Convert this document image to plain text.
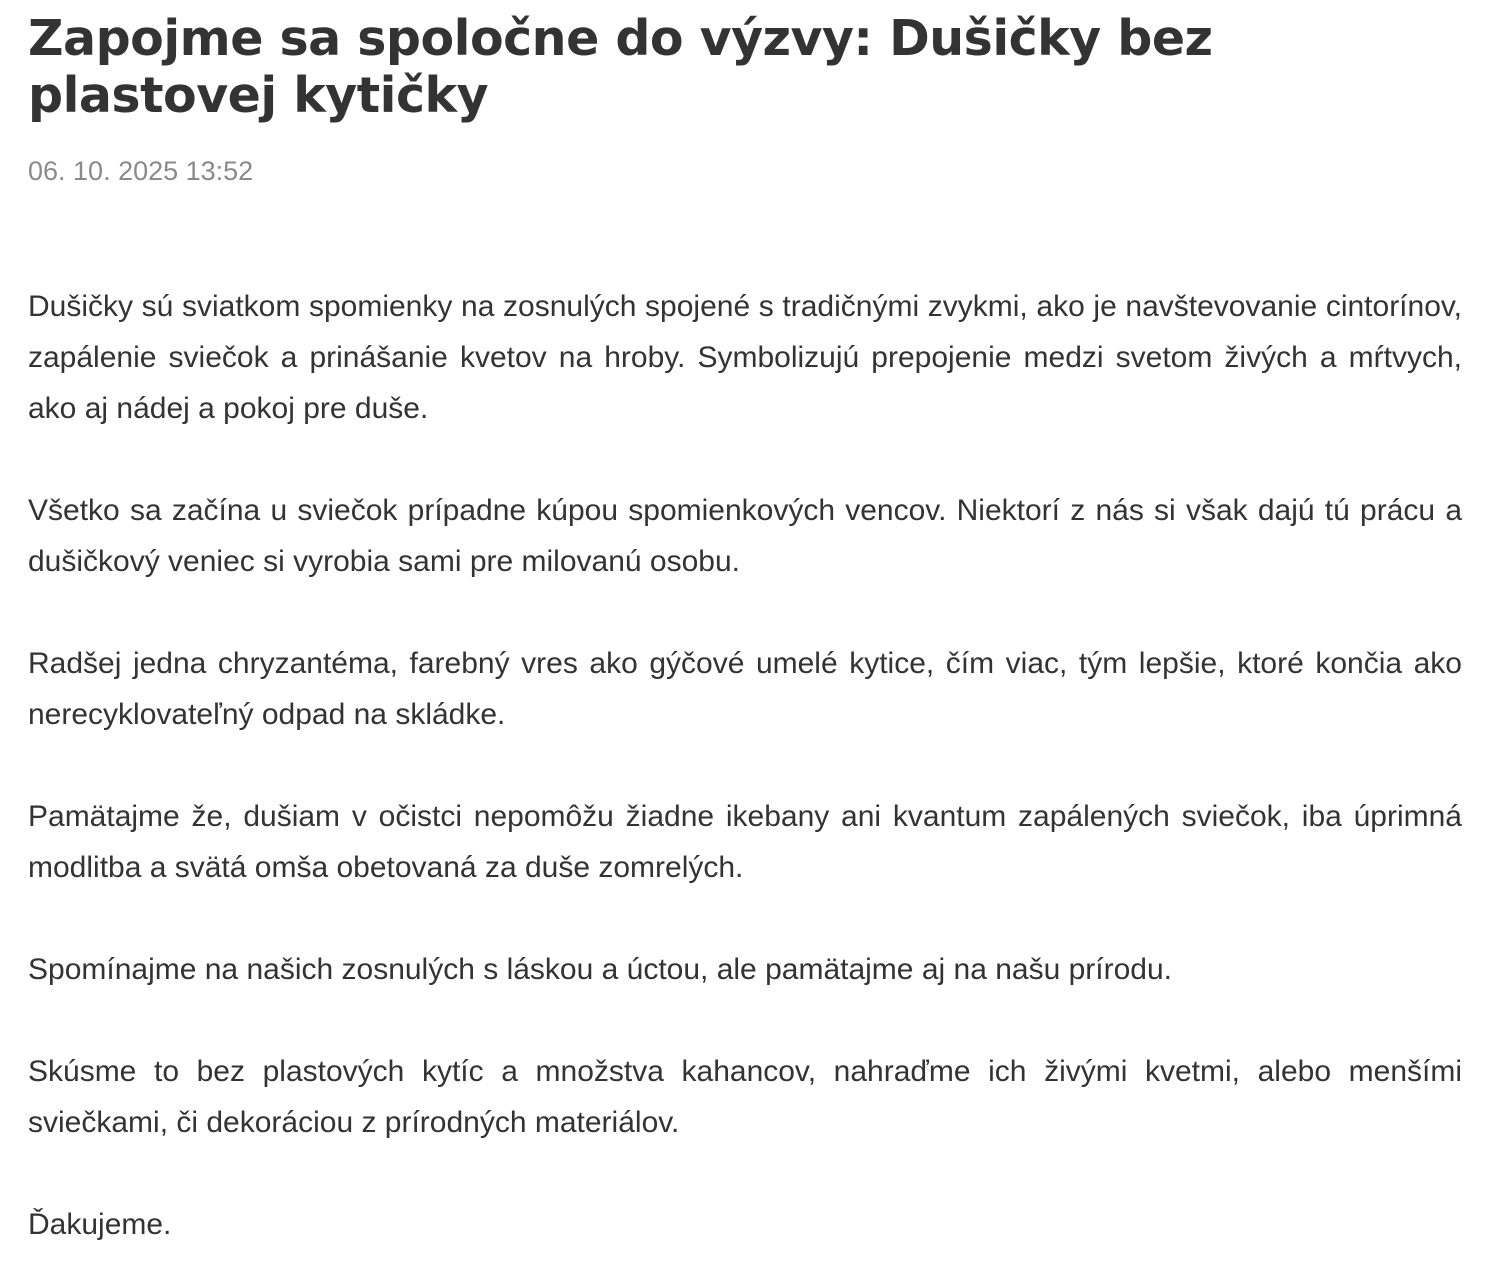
Zapojme sa spoločne do výzvy: Dušičky bez plastovej kytičky
06. 10. 2025 13:52

Dušičky sú sviatkom spomienky na zosnulých spojené s tradičnými zvykmi, ako je navštevovanie cintorínov, zapálenie sviečok a prinášanie kvetov na hroby. Symbolizujú prepojenie medzi svetom živých a mŕtvych, ako aj nádej a pokoj pre duše.

Všetko sa začína u sviečok prípadne kúpou spomienkových vencov. Niektorí z nás si však dajú tú prácu a dušičkový veniec si vyrobia sami pre milovanú osobu.

Radšej jedna chryzantéma, farebný vres ako gýčové umelé kytice, čím viac, tým lepšie, ktoré končia ako nerecyklovateľný odpad na skládke.

Pamätajme že, dušiam v očistci nepomôžu žiadne ikebany ani kvantum zapálených sviečok, iba úprimná modlitba a svätá omša obetovaná za duše zomrelých.

Spomínajme na našich zosnulých s láskou a úctou, ale pamätajme aj na našu prírodu.

Skúsme to bez plastových kytíc a množstva kahancov, nahraďme ich živými kvetmi, alebo menšími sviečkami, či dekoráciou z prírodných materiálov.

Ďakujeme.
